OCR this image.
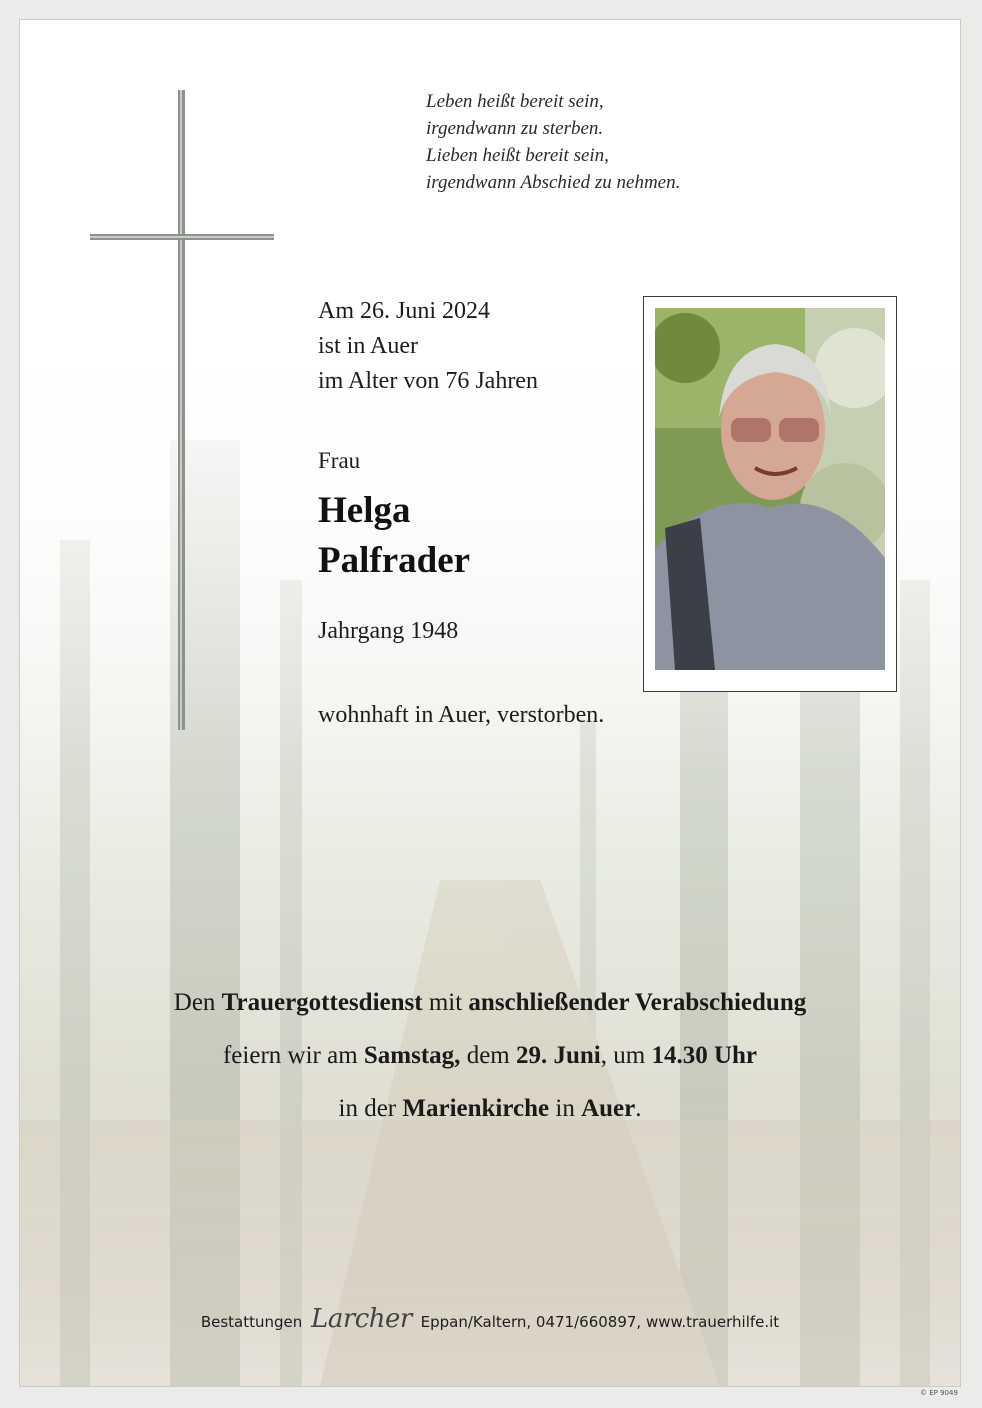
Leben heißt bereit sein,
irgendwann zu sterben.
Lieben heißt bereit sein,
irgendwann Abschied zu nehmen.
Am 26. Juni 2024
ist in Auer
im Alter von 76 Jahren
Frau
Helga
Palfrader
Jahrgang 1948
wohnhaft in Auer, verstorben.
Den Trauergottesdienst mit anschließender Verabschiedung
feiern wir am Samstag, dem 29. Juni, um 14.30 Uhr
in der Marienkirche in Auer.
Bestattungen Larcher Eppan/Kaltern, 0471/660897, www.trauerhilfe.it
© EP 9049
